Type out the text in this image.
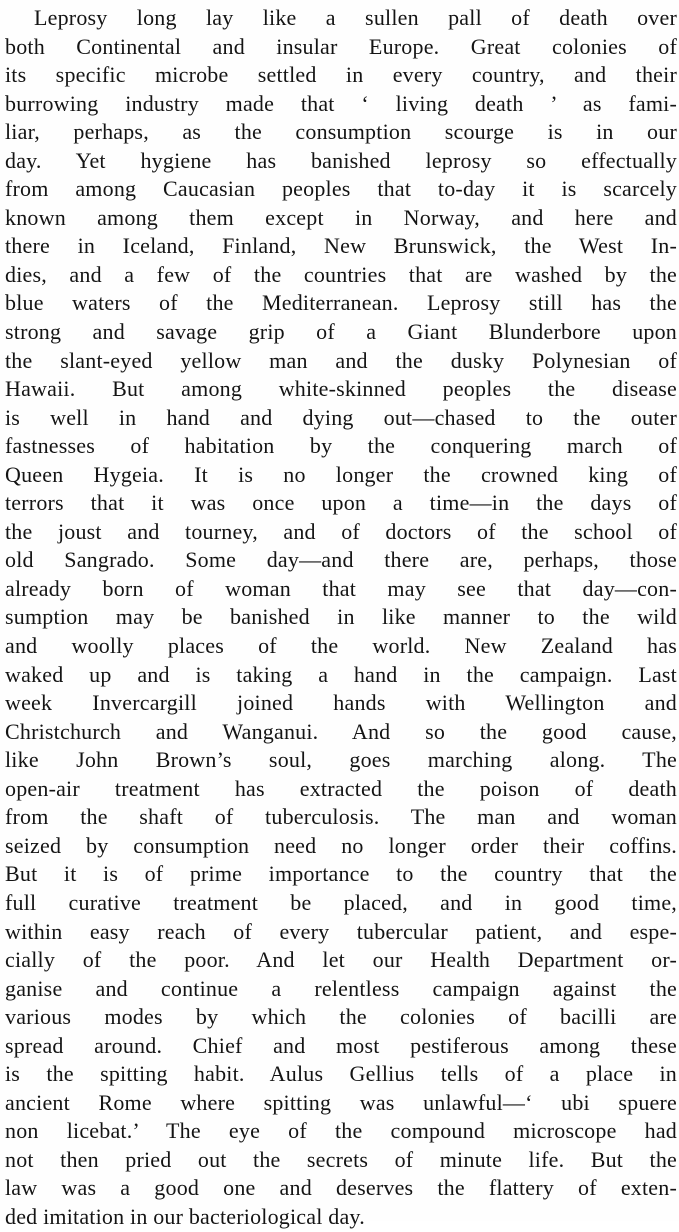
Leprosy long lay like a sullen pall of death over
both Continental and insular Europe. Great colonies of
its specific microbe settled in every country, and their
burrowing industry made that ‘ living death ’ as fami-
liar, perhaps, as the consumption scourge is in our
day. Yet hygiene has banished leprosy so effectually
from among Caucasian peoples that to-day it is scarcely
known among them except in Norway, and here and
there in Iceland, Finland, New Brunswick, the West In-
dies, and a few of the countries that are washed by the
blue waters of the Mediterranean. Leprosy still has the
strong and savage grip of a Giant Blunderbore upon
the slant-eyed yellow man and the dusky Polynesian of
Hawaii. But among white-skinned peoples the disease
is well in hand and dying out—chased to the outer
fastnesses of habitation by the conquering march of
Queen Hygeia. It is no longer the crowned king of
terrors that it was once upon a time—in the days of
the joust and tourney, and of doctors of the school of
old Sangrado. Some day—and there are, perhaps, those
already born of woman that may see that day—con-
sumption may be banished in like manner to the wild
and woolly places of the world. New Zealand has
waked up and is taking a hand in the campaign. Last
week Invercargill joined hands with Wellington and
Christchurch and Wanganui. And so the good cause,
like John Brown’s soul, goes marching along. The
open-air treatment has extracted the poison of death
from the shaft of tuberculosis. The man and woman
seized by consumption need no longer order their coffins.
But it is of prime importance to the country that the
full curative treatment be placed, and in good time,
within easy reach of every tubercular patient, and espe-
cially of the poor. And let our Health Department or-
ganise and continue a relentless campaign against the
various modes by which the colonies of bacilli are
spread around. Chief and most pestiferous among these
is the spitting habit. Aulus Gellius tells of a place in
ancient Rome where spitting was unlawful—‘ ubi spuere
non licebat.’ The eye of the compound microscope had
not then pried out the secrets of minute life. But the
law was a good one and deserves the flattery of exten-
ded imitation in our bacteriological day.
